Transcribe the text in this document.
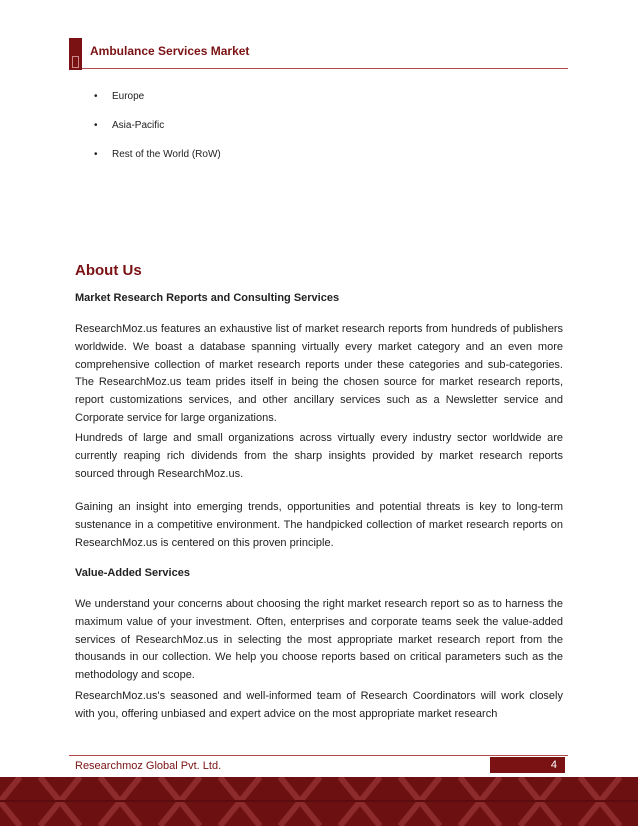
Ambulance Services Market
• Europe
• Asia-Pacific
• Rest of the World (RoW)
About Us
Market Research Reports and Consulting Services

ResearchMoz.us features an exhaustive list of market research reports from hundreds of publishers worldwide. We boast a database spanning virtually every market category and an even more comprehensive collection of market research reports under these categories and sub-categories. The ResearchMoz.us team prides itself in being the chosen source for market research reports, report customizations services, and other ancillary services such as a Newsletter service and Corporate service for large organizations.

Hundreds of large and small organizations across virtually every industry sector worldwide are currently reaping rich dividends from the sharp insights provided by market research reports sourced through ResearchMoz.us.

Gaining an insight into emerging trends, opportunities and potential threats is key to long-term sustenance in a competitive environment. The handpicked collection of market research reports on ResearchMoz.us is centered on this proven principle.

Value-Added Services

We understand your concerns about choosing the right market research report so as to harness the maximum value of your investment. Often, enterprises and corporate teams seek the value-added services of ResearchMoz.us in selecting the most appropriate market research report from the thousands in our collection. We help you choose reports based on critical parameters such as the methodology and scope.

ResearchMoz.us's seasoned and well-informed team of Research Coordinators will work closely with you, offering unbiased and expert advice on the most appropriate market research

Researchmoz Global Pvt. Ltd.	4
